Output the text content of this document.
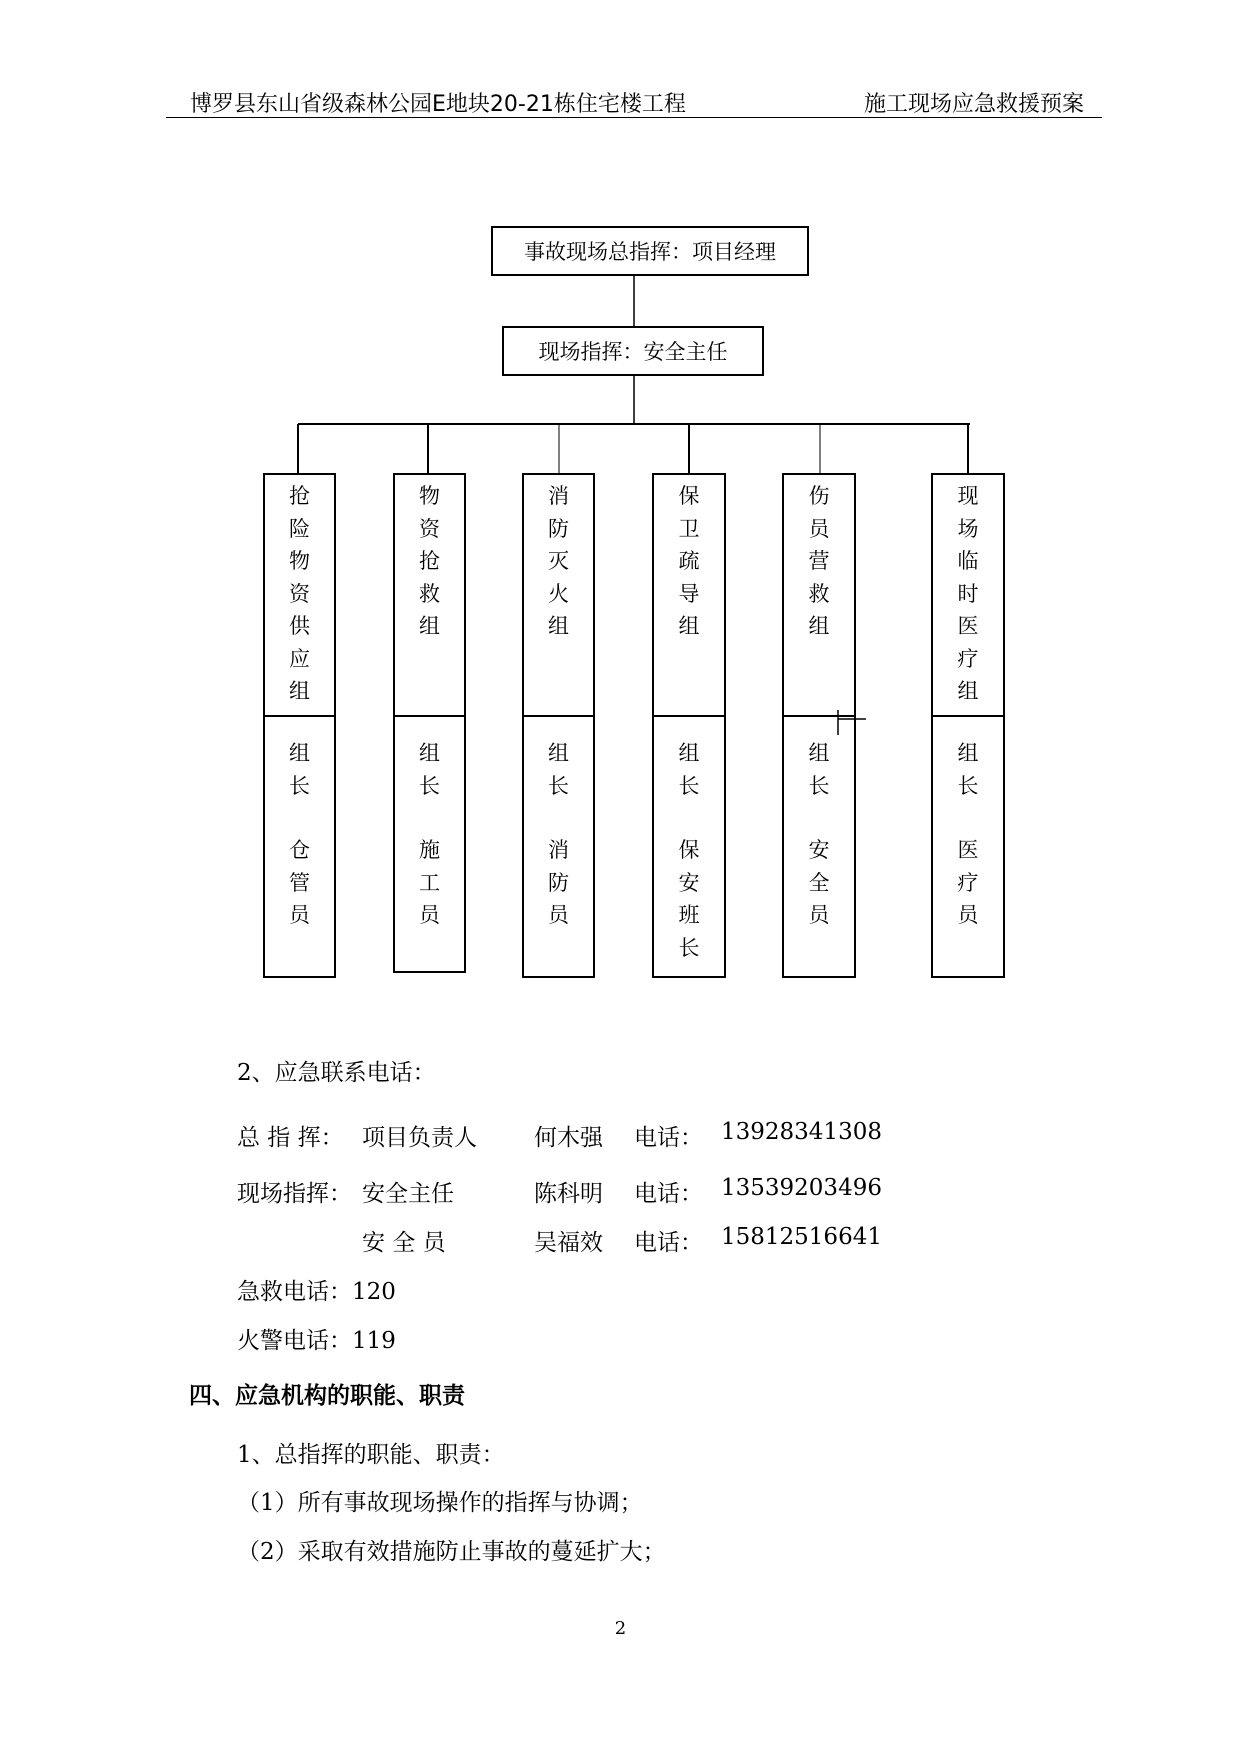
博罗县东山省级森林公园E地块20-21栋住宅楼工程	施工现场应急救援预案
事故现场总指挥：项目经理
现场指挥：安全主任
抢
险
物
资
供
应
组
组
长
仓
管
员
物
资
抢
救
组
组
长
施
工
员
消
防
灭
火
组
组
长
消
防
员
保
卫
疏
导
组
组
长
保
安
班
长
伤
员
营
救
组
组
长
安
全
员
现
场
临
时
医
疗
组
组
长
医
疗
员
2、应急联系电话：
总 指 挥： 项目负责人 何木强 电话： 13928341308
现场指挥： 安全主任	陈科明 电话： 13539203496
安 全 员	吴福效 电话： 15812516641
急救电话：120
火警电话：119
四、应急机构的职能、职责
1、总指挥的职能、职责：
（1）所有事故现场操作的指挥与协调；
（2）采取有效措施防止事故的蔓延扩大；
2
